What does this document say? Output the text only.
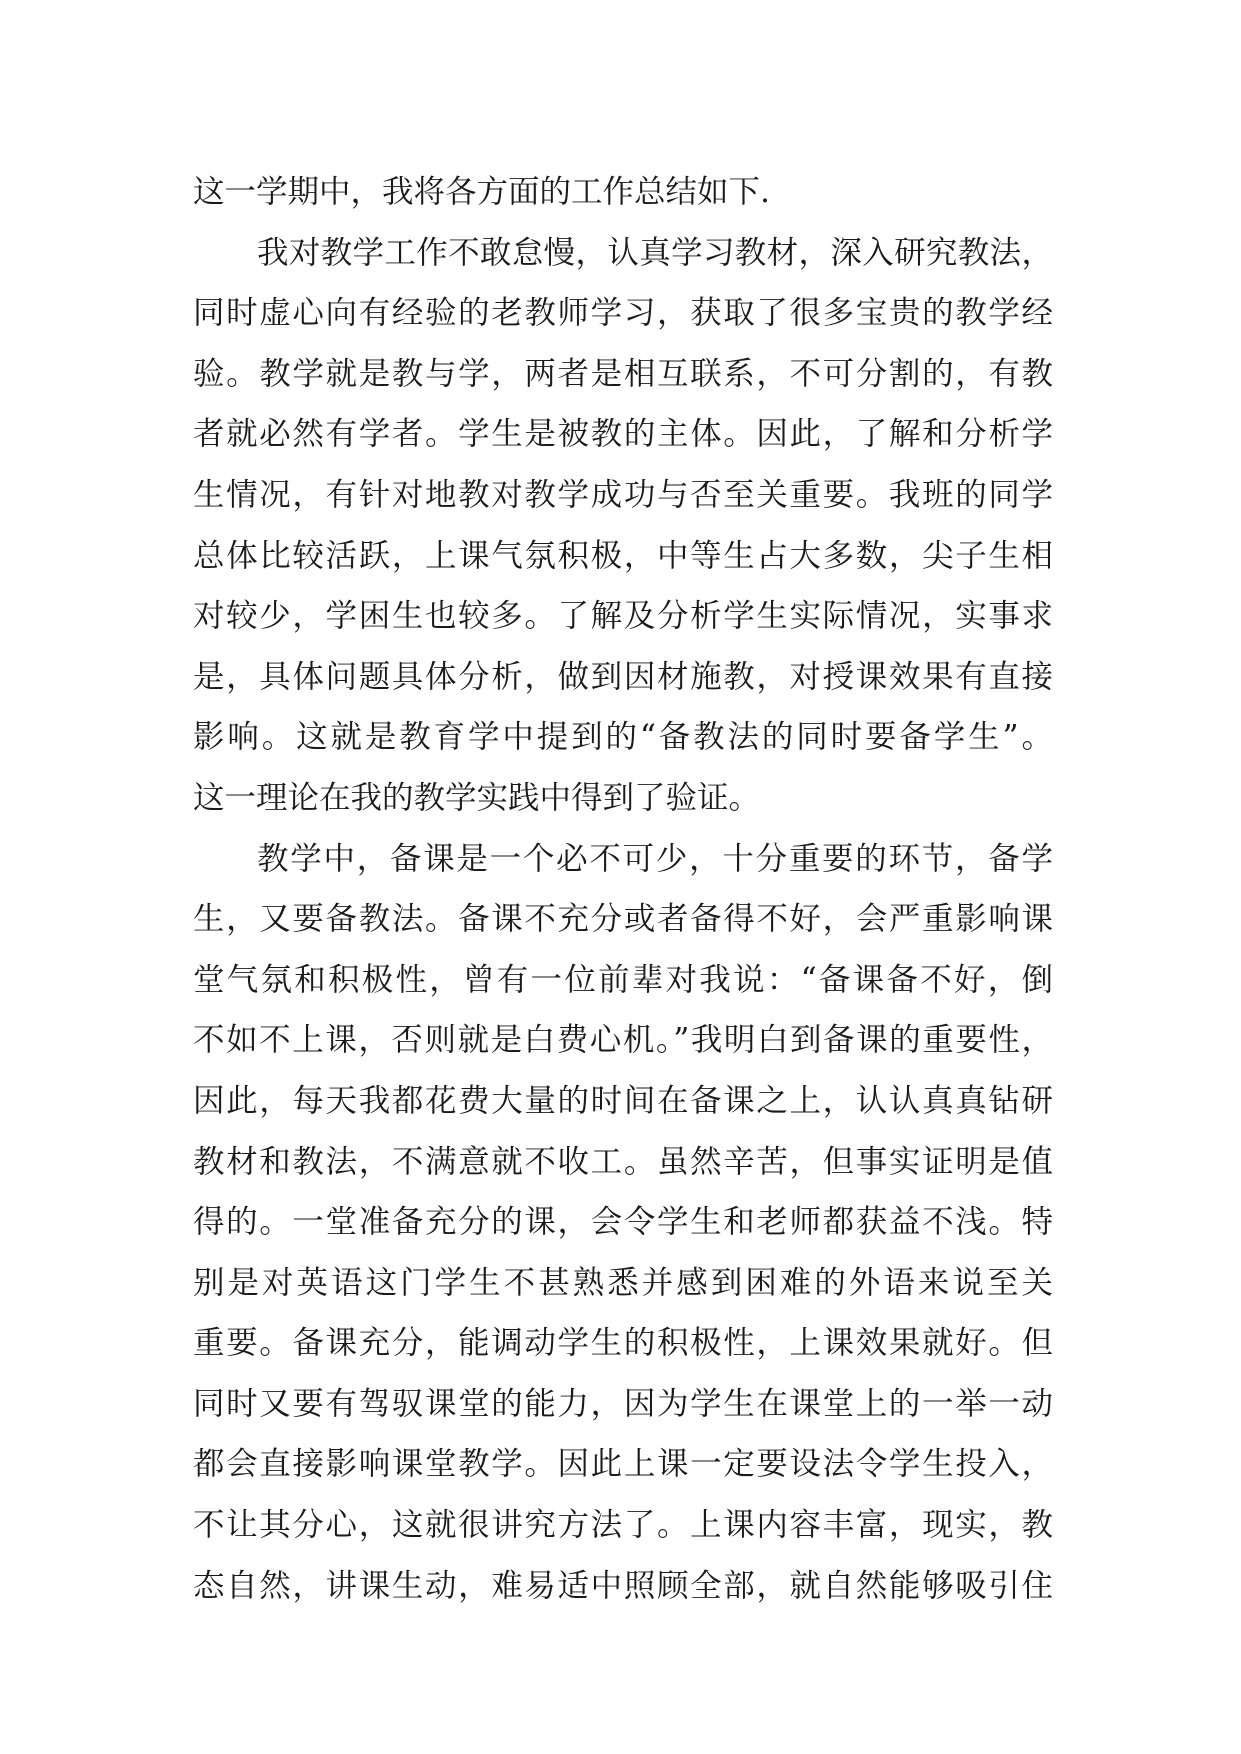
这一学期中，我将各方面的工作总结如下.
我对教学工作不敢怠慢，认真学习教材，深入研究教法，
同时虚心向有经验的老教师学习，获取了很多宝贵的教学经
验。教学就是教与学，两者是相互联系，不可分割的，有教
者就必然有学者。学生是被教的主体。因此，了解和分析学
生情况，有针对地教对教学成功与否至关重要。我班的同学
总体比较活跃，上课气氛积极，中等生占大多数，尖子生相
对较少，学困生也较多。了解及分析学生实际情况，实事求
是，具体问题具体分析，做到因材施教，对授课效果有直接
影响。这就是教育学中提到的“备教法的同时要备学生”。
这一理论在我的教学实践中得到了验证。
教学中，备课是一个必不可少，十分重要的环节，备学
生，又要备教法。备课不充分或者备得不好，会严重影响课
堂气氛和积极性，曾有一位前辈对我说：“备课备不好，倒
不如不上课，否则就是白费心机。”我明白到备课的重要性，
因此，每天我都花费大量的时间在备课之上，认认真真钻研
教材和教法，不满意就不收工。虽然辛苦，但事实证明是值
得的。一堂准备充分的课，会令学生和老师都获益不浅。特
别是对英语这门学生不甚熟悉并感到困难的外语来说至关
重要。备课充分，能调动学生的积极性，上课效果就好。但
同时又要有驾驭课堂的能力，因为学生在课堂上的一举一动
都会直接影响课堂教学。因此上课一定要设法令学生投入，
不让其分心，这就很讲究方法了。上课内容丰富，现实，教
态自然，讲课生动，难易适中照顾全部，就自然能够吸引住
